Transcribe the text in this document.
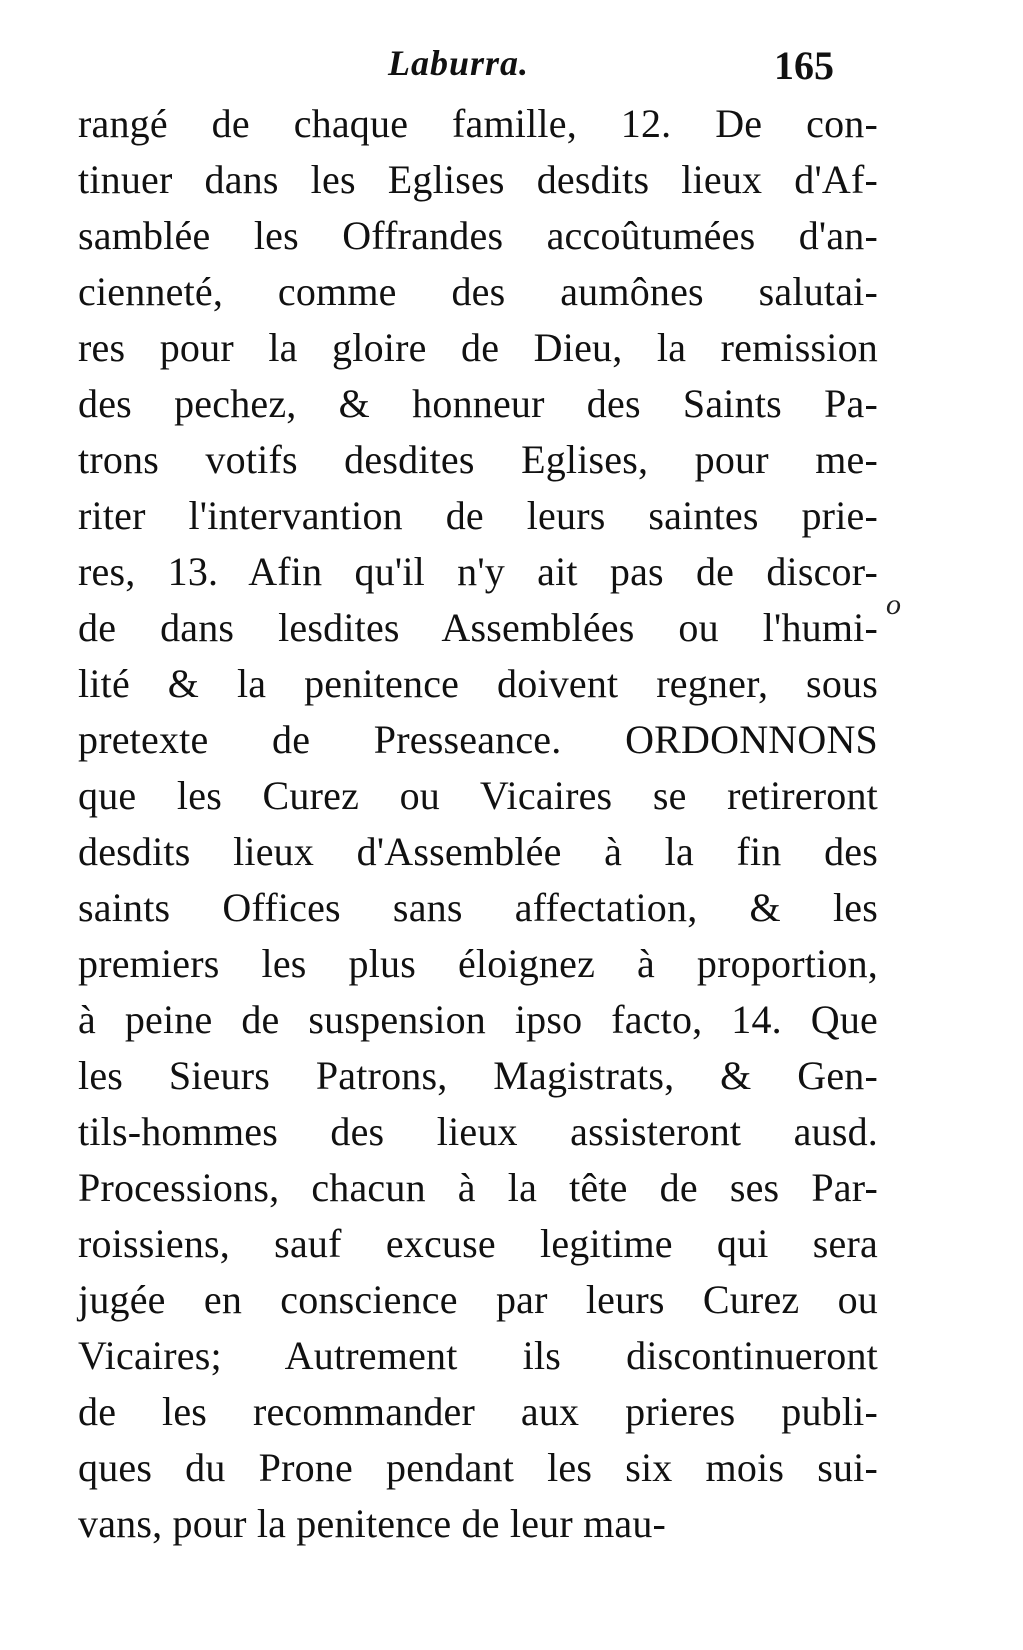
Laburra.	165
rangé de chaque famille, 12. De con-
tinuer dans les Eglises desdits lieux d'Af-
samblée les Offrandes accoûtumées d'an-
cienneté, comme des aumônes salutai-
res pour la gloire de Dieu, la remission
des pechez, & honneur des Saints Pa-
trons votifs desdites Eglises, pour me-
riter l'intervantion de leurs saintes prie-
res, 13. Afin qu'il n'y ait pas de discor-
de dans lesdites Assemblées ou l'humi-
lité & la penitence doivent regner, sous
pretexte de Presseance. ORDONNONS
que les Curez ou Vicaires se retireront
desdits lieux d'Assemblée à la fin des
saints Offices sans affectation, & les
premiers les plus éloignez à proportion,
à peine de suspension ipso facto, 14. Que
les Sieurs Patrons, Magistrats, & Gen-
tils-hommes des lieux assisteront ausd.
Processions, chacun à la tête de ses Par-
roissiens, sauf excuse legitime qui sera
jugée en conscience par leurs Curez ou
Vicaires; Autrement ils discontinueront
de les recommander aux prieres publi-
ques du Prone pendant les six mois sui-
vans, pour la penitence de leur mau-
o
